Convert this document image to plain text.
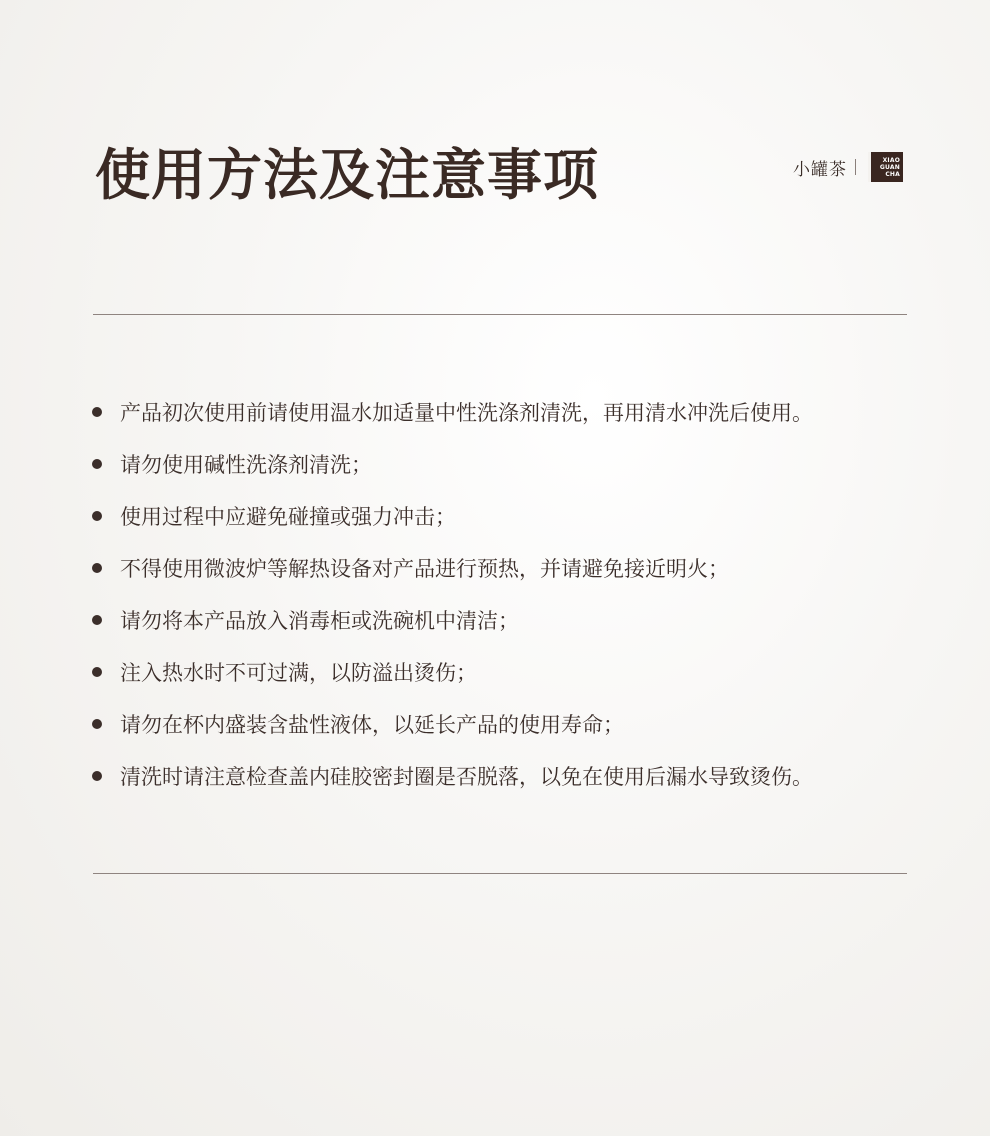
使用方法及注意事项	小罐茶	XIAO
GUAN
CHA
产品初次使用前请使用温水加适量中性洗涤剂清洗，再用清水冲洗后使用。
请勿使用碱性洗涤剂清洗；
使用过程中应避免碰撞或强力冲击；
不得使用微波炉等解热设备对产品进行预热，并请避免接近明火；
请勿将本产品放入消毒柜或洗碗机中清洁；
注入热水时不可过满，以防溢出烫伤；
请勿在杯内盛装含盐性液体，以延长产品的使用寿命；
清洗时请注意检查盖内硅胶密封圈是否脱落，以免在使用后漏水导致烫伤。
